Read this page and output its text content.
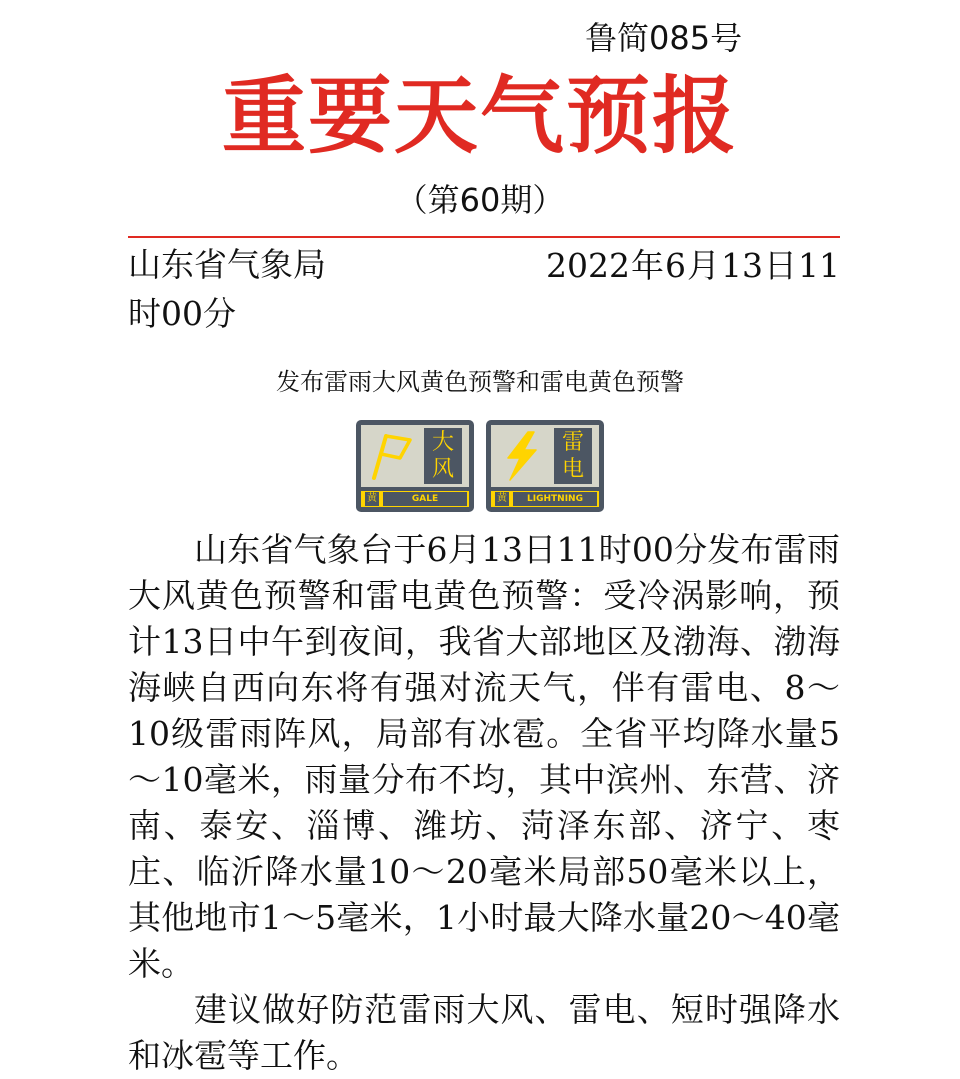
鲁简085号
重要天气预报
（第60期）
山东省气象局	2022年6月13日11时00分
发布雷雨大风黄色预警和雷电黄色预警
大
风
黄	GALE
雷
电
黄	LIGHTNING

山东省气象台于6月13日11时00分发布雷雨大风黄色预警和雷电黄色预警：受冷涡影响，预计13日中午到夜间，我省大部地区及渤海、渤海海峡自西向东将有强对流天气，伴有雷电、8～10级雷雨阵风，局部有冰雹。全省平均降水量5～10毫米，雨量分布不均，其中滨州、东营、济南、泰安、淄博、潍坊、菏泽东部、济宁、枣庄、临沂降水量10～20毫米局部50毫米以上，其他地市1～5毫米，1小时最大降水量20～40毫米。

建议做好防范雷雨大风、雷电、短时强降水和冰雹等工作。
